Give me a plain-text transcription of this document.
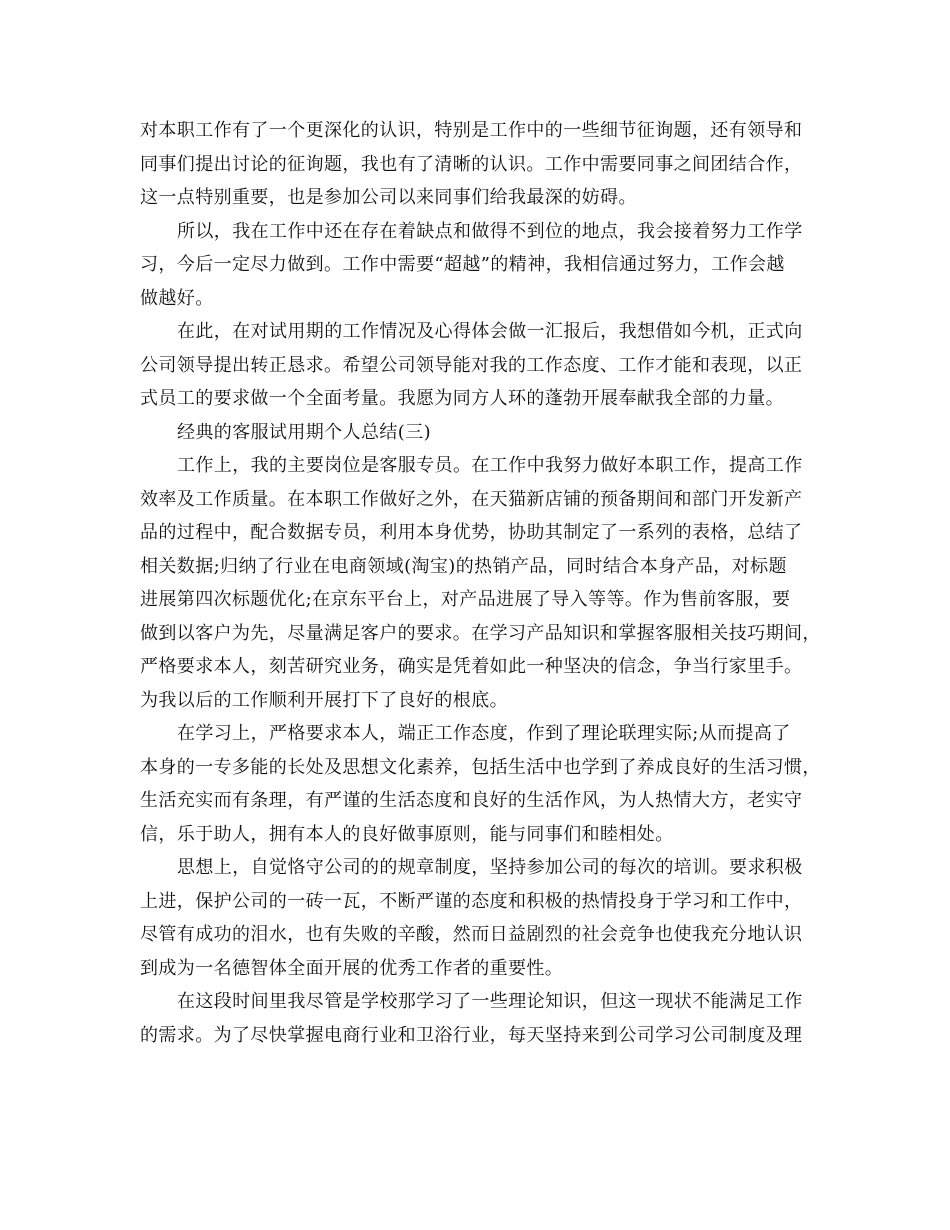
对本职工作有了一个更深化的认识，特别是工作中的一些细节征询题，还有领导和
同事们提出讨论的征询题，我也有了清晰的认识。工作中需要同事之间团结合作，
这一点特别重要，也是参加公司以来同事们给我最深的妨碍。
所以，我在工作中还在存在着缺点和做得不到位的地点，我会接着努力工作学
习，今后一定尽力做到。工作中需要“超越”的精神，我相信通过努力，工作会越
做越好。
在此，在对试用期的工作情况及心得体会做一汇报后，我想借如今机，正式向
公司领导提出转正恳求。希望公司领导能对我的工作态度、工作才能和表现，以正
式员工的要求做一个全面考量。我愿为同方人环的蓬勃开展奉献我全部的力量。
经典的客服试用期个人总结(三)
工作上，我的主要岗位是客服专员。在工作中我努力做好本职工作，提高工作
效率及工作质量。在本职工作做好之外，在天猫新店铺的预备期间和部门开发新产
品的过程中，配合数据专员，利用本身优势，协助其制定了一系列的表格，总结了
相关数据;归纳了行业在电商领域(淘宝)的热销产品，同时结合本身产品，对标题
进展第四次标题优化;在京东平台上，对产品进展了导入等等。作为售前客服，要
做到以客户为先，尽量满足客户的要求。在学习产品知识和掌握客服相关技巧期间，
严格要求本人，刻苦研究业务，确实是凭着如此一种坚决的信念，争当行家里手。
为我以后的工作顺利开展打下了良好的根底。
在学习上，严格要求本人，端正工作态度，作到了理论联理实际;从而提高了
本身的一专多能的长处及思想文化素养，包括生活中也学到了养成良好的生活习惯，
生活充实而有条理，有严谨的生活态度和良好的生活作风，为人热情大方，老实守
信，乐于助人，拥有本人的良好做事原则，能与同事们和睦相处。
思想上，自觉恪守公司的的规章制度，坚持参加公司的每次的培训。要求积极
上进，保护公司的一砖一瓦，不断严谨的态度和积极的热情投身于学习和工作中，
尽管有成功的泪水，也有失败的辛酸，然而日益剧烈的社会竞争也使我充分地认识
到成为一名德智体全面开展的优秀工作者的重要性。
在这段时间里我尽管是学校那学习了一些理论知识，但这一现状不能满足工作
的需求。为了尽快掌握电商行业和卫浴行业，每天坚持来到公司学习公司制度及理
